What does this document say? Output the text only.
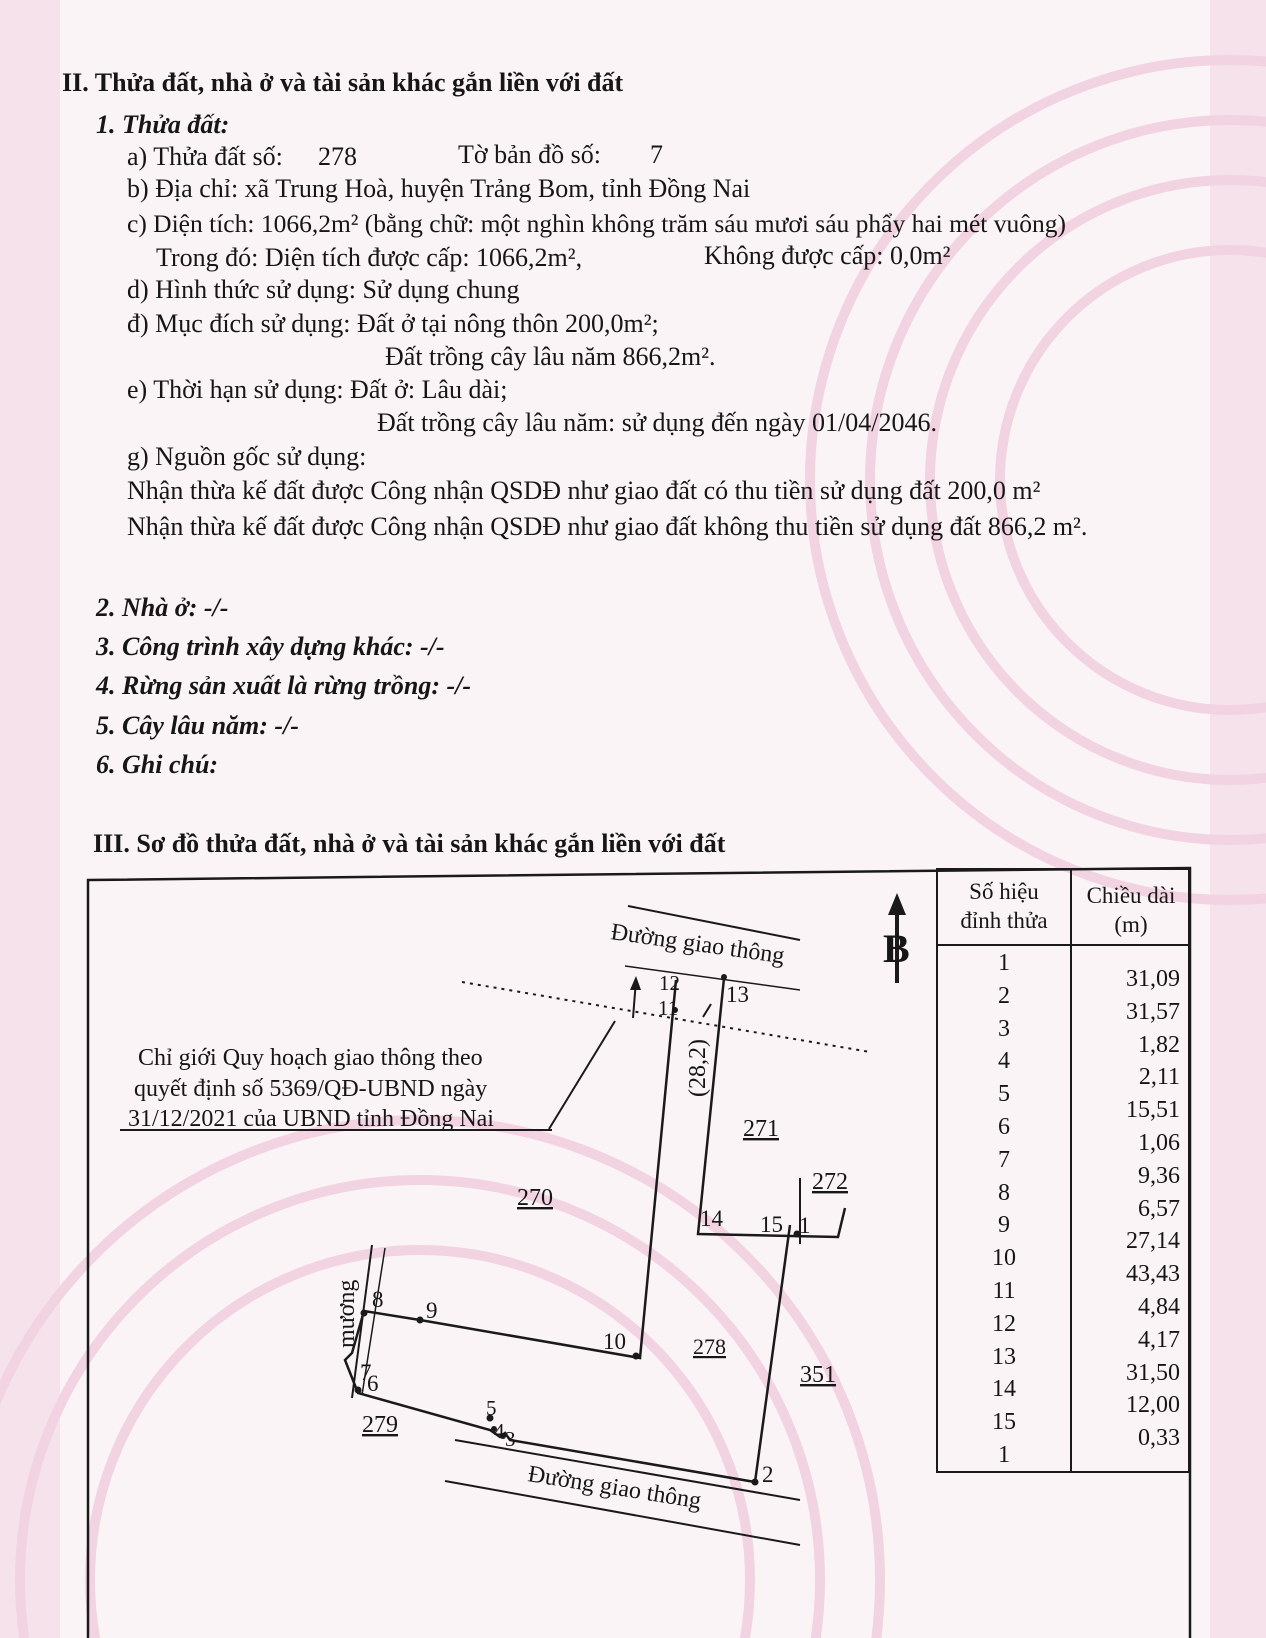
II. Thửa đất, nhà ở và tài sản khác gắn liền với đất
1. Thửa đất:
a) Thửa đất số: 278	Tờ bản đồ số: 7
b) Địa chỉ: xã Trung Hoà, huyện Trảng Bom, tỉnh Đồng Nai
c) Diện tích: 1066,2m² (bằng chữ: một nghìn không trăm sáu mươi sáu phẩy hai mét vuông)
Trong đó: Diện tích được cấp: 1066,2m²,	Không được cấp: 0,0m²
d) Hình thức sử dụng: Sử dụng chung
đ) Mục đích sử dụng: Đất ở tại nông thôn 200,0m²;
Đất trồng cây lâu năm 866,2m².
e) Thời hạn sử dụng: Đất ở: Lâu dài;
Đất trồng cây lâu năm: sử dụng đến ngày 01/04/2046.
g) Nguồn gốc sử dụng:
Nhận thừa kế đất được Công nhận QSDĐ như giao đất có thu tiền sử dụng đất 200,0 m²
Nhận thừa kế đất được Công nhận QSDĐ như giao đất không thu tiền sử dụng đất 866,2 m².
2. Nhà ở: -/-
3. Công trình xây dựng khác: -/-
4. Rừng sản xuất là rừng trồng: -/-
5. Cây lâu năm: -/-
6. Ghi chú:
III. Sơ đồ thửa đất, nhà ở và tài sản khác gắn liền với đất
B
Đường giao thông
Đường giao thông
Chỉ giới Quy hoạch giao thông theo
quyết định số 5369/QĐ-UBND ngày
31/12/2021 của UBND tỉnh Đồng Nai
mương
(28,2)
270
271
272
278
351
279
1
2
3
4
5
6
7
8 9
10
11
12 13
14 15
Số hiệu
đỉnh thửa
Chiều dài
(m)
1
2
3
4
5
6
7
8
9
10
11
12
13
14
15
1
31,09
31,57
1,82
2,11
15,51
1,06
9,36
6,57
27,14
43,43
4,84
4,17
31,50
12,00
0,33
